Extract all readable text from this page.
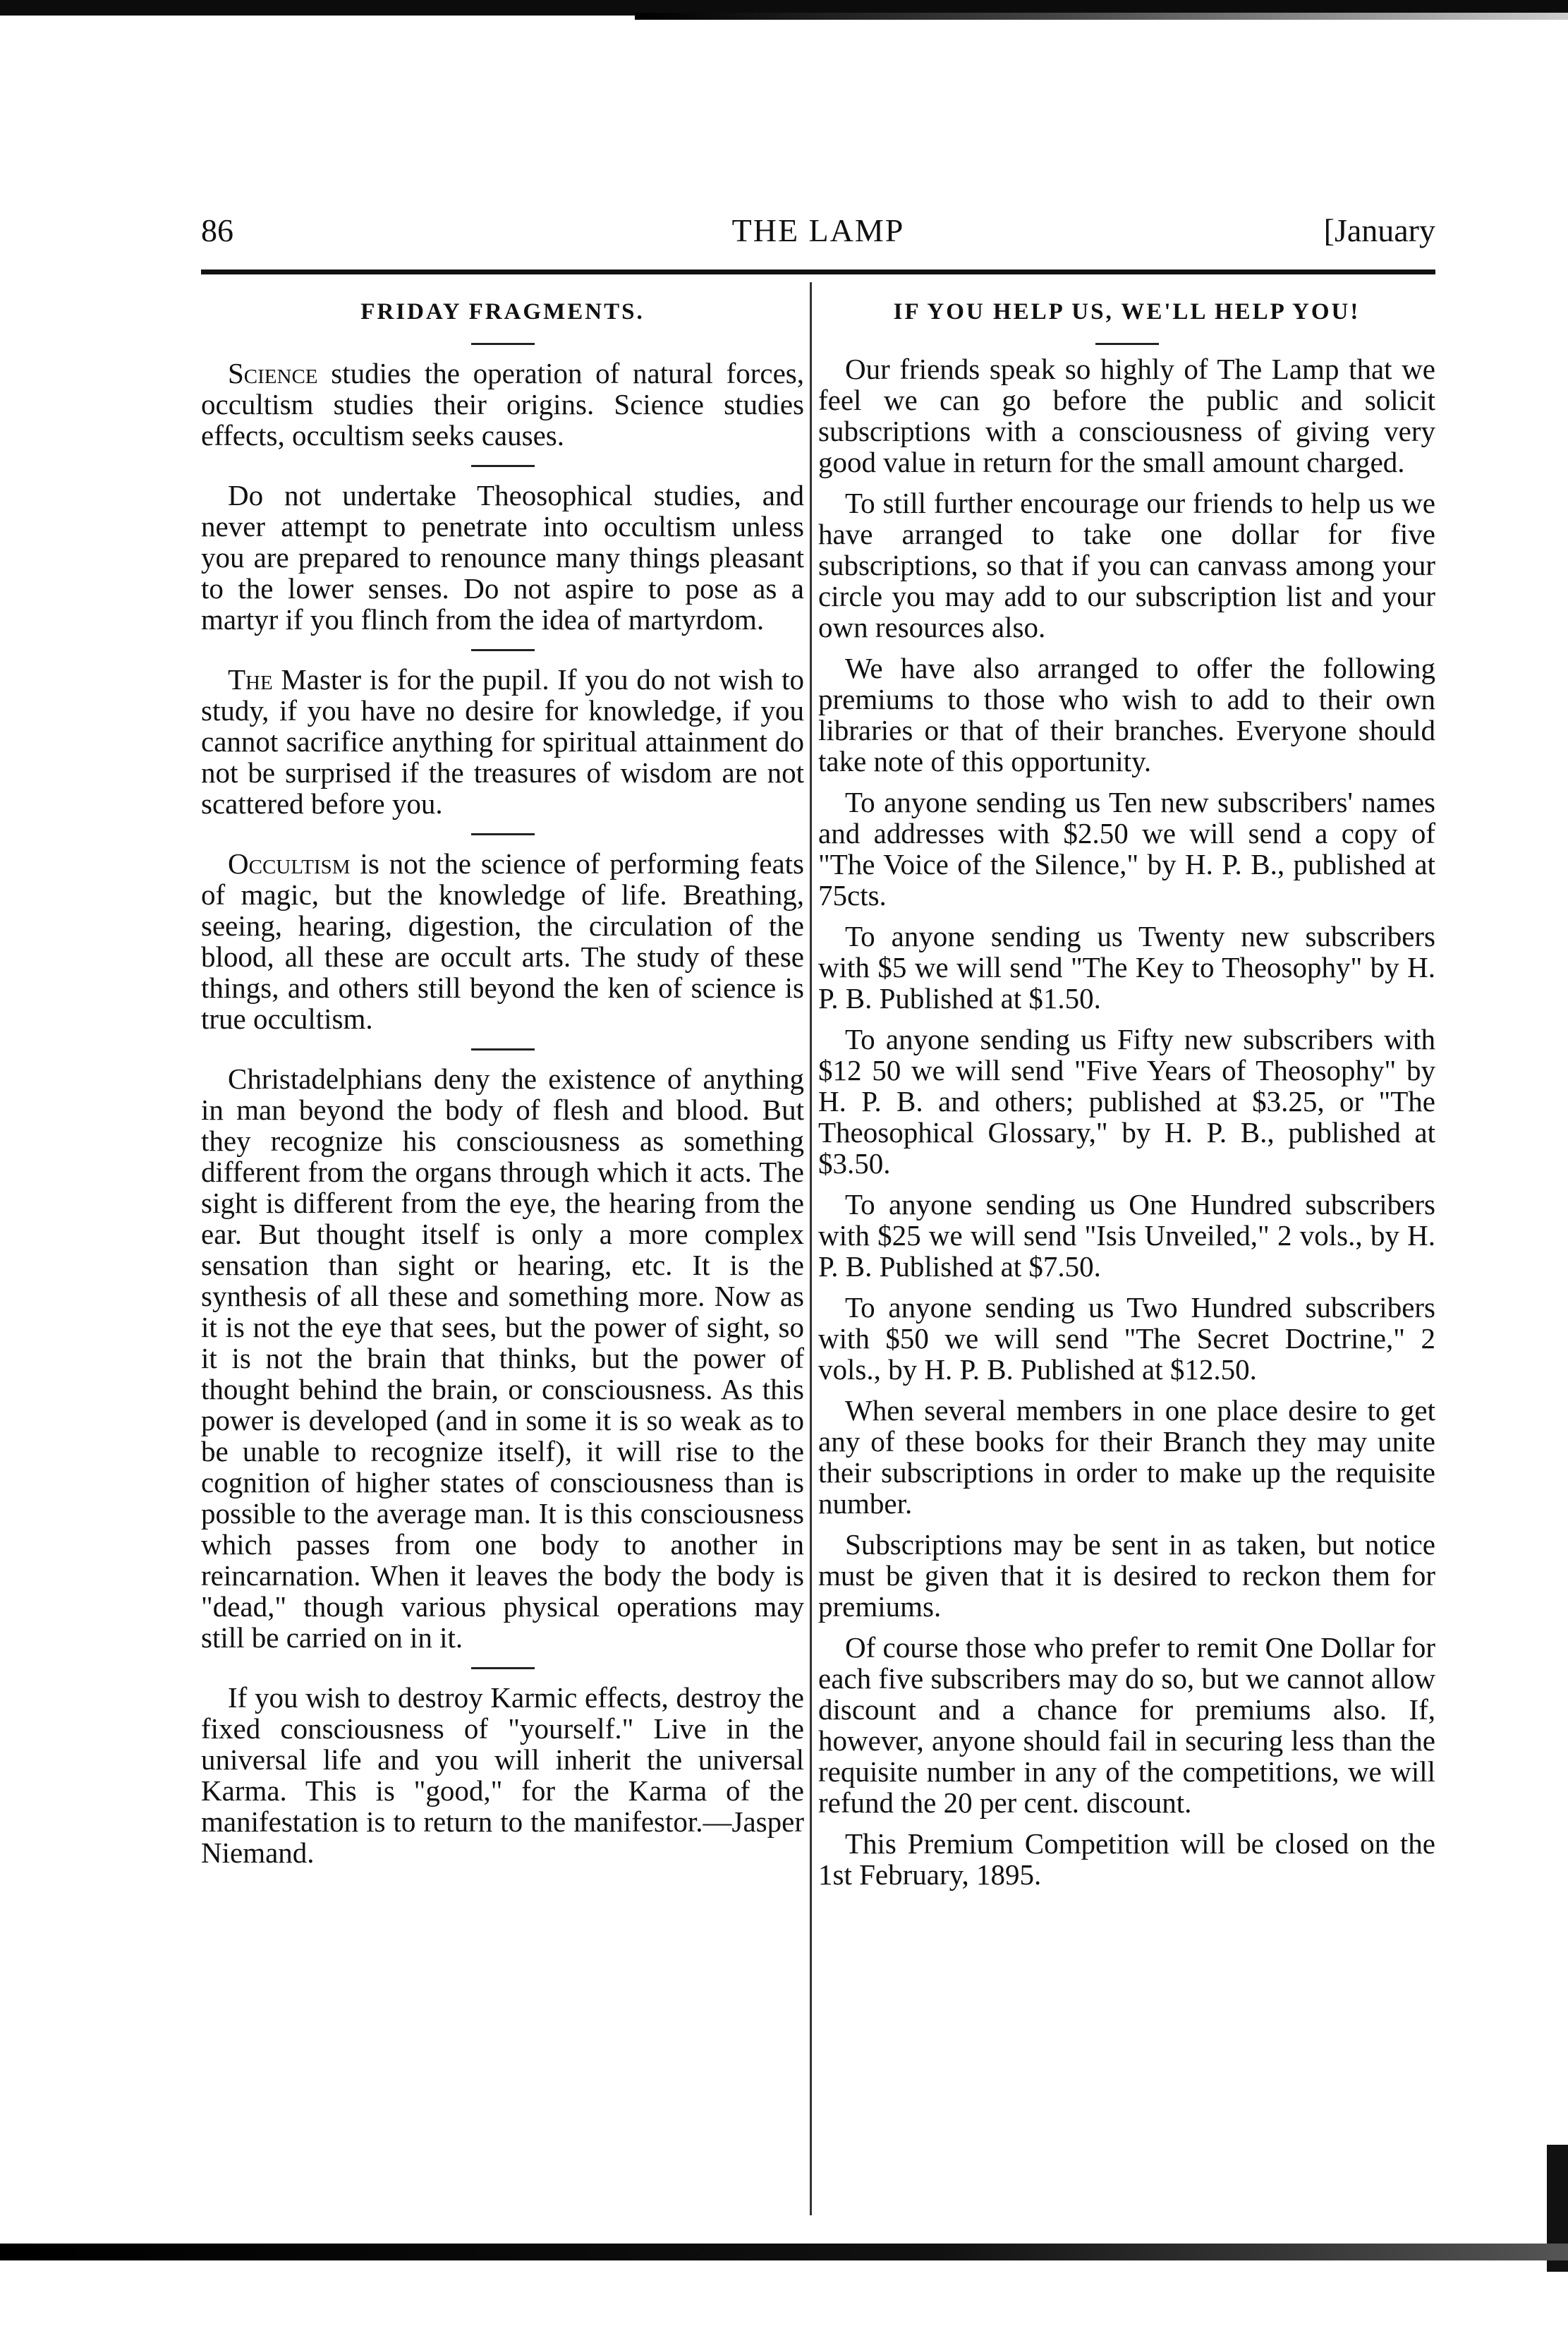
86	THE LAMP	[January
FRIDAY FRAGMENTS.

Science studies the operation of natural forces, occultism studies their origins. Science studies effects, occultism seeks causes.

Do not undertake Theosophical studies, and never attempt to penetrate into occultism unless you are prepared to renounce many things pleasant to the lower senses. Do not aspire to pose as a martyr if you flinch from the idea of martyrdom.

The Master is for the pupil. If you do not wish to study, if you have no desire for knowledge, if you cannot sacrifice anything for spiritual attainment do not be surprised if the treasures of wisdom are not scattered before you.

Occultism is not the science of performing feats of magic, but the knowledge of life. Breathing, seeing, hearing, digestion, the circulation of the blood, all these are occult arts. The study of these things, and others still beyond the ken of science is true occultism.

Christadelphians deny the existence of anything in man beyond the body of flesh and blood. But they recognize his consciousness as something different from the organs through which it acts. The sight is different from the eye, the hearing from the ear. But thought itself is only a more complex sensation than sight or hearing, etc. It is the synthesis of all these and something more. Now as it is not the eye that sees, but the power of sight, so it is not the brain that thinks, but the power of thought behind the brain, or consciousness. As this power is developed (and in some it is so weak as to be unable to recognize itself), it will rise to the cognition of higher states of consciousness than is possible to the average man. It is this consciousness which passes from one body to another in reincarnation. When it leaves the body the body is "dead," though various physical operations may still be carried on in it.

If you wish to destroy Karmic effects, destroy the fixed consciousness of "yourself." Live in the universal life and you will inherit the universal Karma. This is "good," for the Karma of the manifestation is to return to the manifestor.—Jasper Niemand.

IF YOU HELP US, WE'LL HELP YOU!

Our friends speak so highly of The Lamp that we feel we can go before the public and solicit subscriptions with a consciousness of giving very good value in return for the small amount charged.

To still further encourage our friends to help us we have arranged to take one dollar for five subscriptions, so that if you can canvass among your circle you may add to our subscription list and your own resources also.

We have also arranged to offer the following premiums to those who wish to add to their own libraries or that of their branches. Everyone should take note of this opportunity.

To anyone sending us Ten new subscribers' names and addresses with $2.50 we will send a copy of "The Voice of the Silence," by H. P. B., published at 75cts.

To anyone sending us Twenty new subscribers with $5 we will send "The Key to Theosophy" by H. P. B. Published at $1.50.

To anyone sending us Fifty new subscribers with $12 50 we will send "Five Years of Theosophy" by H. P. B. and others; published at $3.25, or "The Theosophical Glossary," by H. P. B., published at $3.50.

To anyone sending us One Hundred subscribers with $25 we will send "Isis Unveiled," 2 vols., by H. P. B. Published at $7.50.

To anyone sending us Two Hundred subscribers with $50 we will send "The Secret Doctrine," 2 vols., by H. P. B. Published at $12.50.

When several members in one place desire to get any of these books for their Branch they may unite their subscriptions in order to make up the requisite number.

Subscriptions may be sent in as taken, but notice must be given that it is desired to reckon them for premiums.

Of course those who prefer to remit One Dollar for each five subscribers may do so, but we cannot allow discount and a chance for premiums also. If, however, anyone should fail in securing less than the requisite number in any of the competitions, we will refund the 20 per cent. discount.

This Premium Competition will be closed on the 1st February, 1895.
